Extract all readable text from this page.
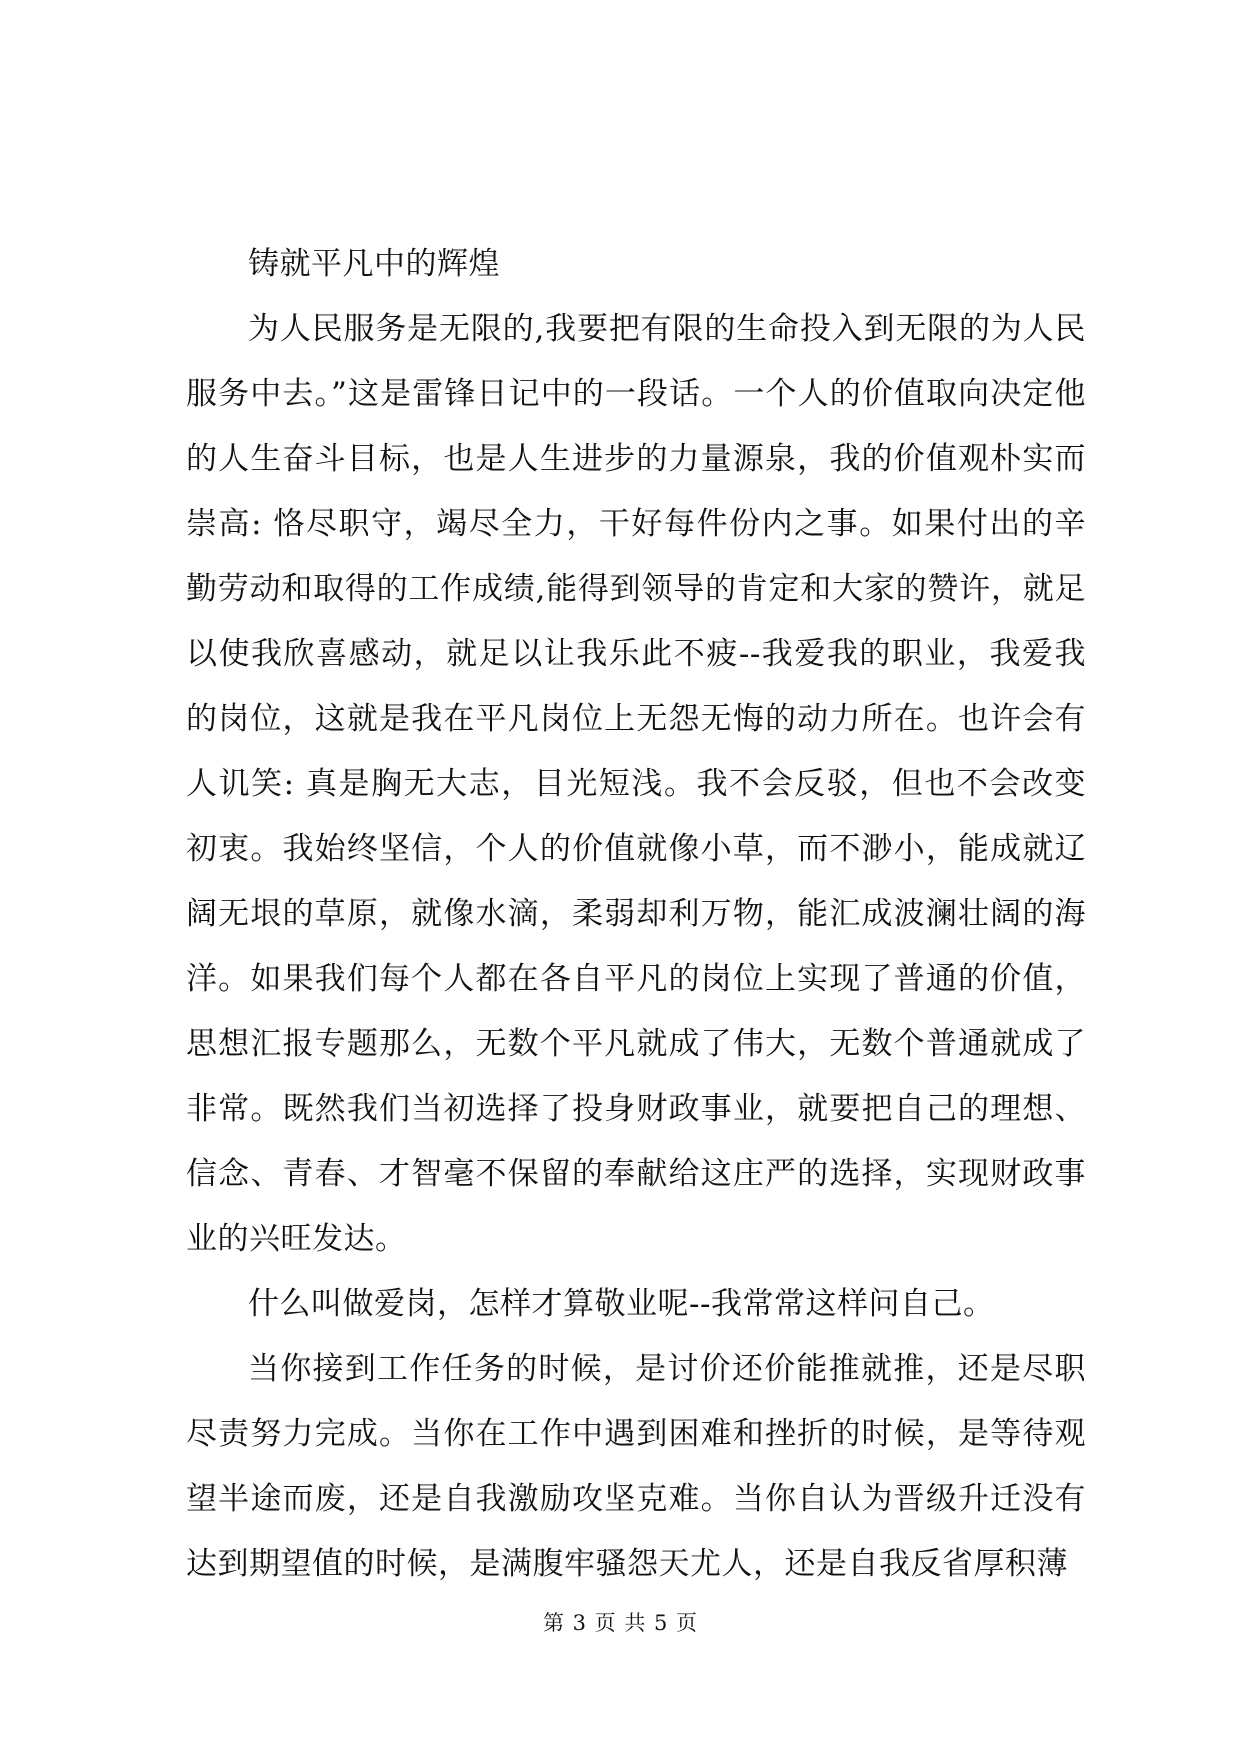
铸就平凡中的辉煌

为人民服务是无限的,我要把有限的生命投入到无限的为人民服务中去。”这是雷锋日记中的一段话。一个人的价值取向决定他的人生奋斗目标，也是人生进步的力量源泉，我的价值观朴实而崇高: 恪尽职守，竭尽全力，干好每件份内之事。如果付出的辛勤劳动和取得的工作成绩,能得到领导的肯定和大家的赞许，就足以使我欣喜感动，就足以让我乐此不疲--我爱我的职业，我爱我的岗位，这就是我在平凡岗位上无怨无悔的动力所在。也许会有人讥笑: 真是胸无大志，目光短浅。我不会反驳，但也不会改变初衷。我始终坚信，个人的价值就像小草，而不渺小，能成就辽阔无垠的草原，就像水滴，柔弱却利万物，能汇成波澜壮阔的海洋。如果我们每个人都在各自平凡的岗位上实现了普通的价值，思想汇报专题那么，无数个平凡就成了伟大，无数个普通就成了非常。既然我们当初选择了投身财政事业，就要把自己的理想、信念、青春、才智毫不保留的奉献给这庄严的选择，实现财政事业的兴旺发达。

什么叫做爱岗，怎样才算敬业呢--我常常这样问自己。

当你接到工作任务的时候，是讨价还价能推就推，还是尽职尽责努力完成。当你在工作中遇到困难和挫折的时候，是等待观望半途而废，还是自我激励攻坚克难。当你自认为晋级升迁没有达到期望值的时候，是满腹牢骚怨天尤人，还是自我反省厚积薄

第 3 页 共 5 页
